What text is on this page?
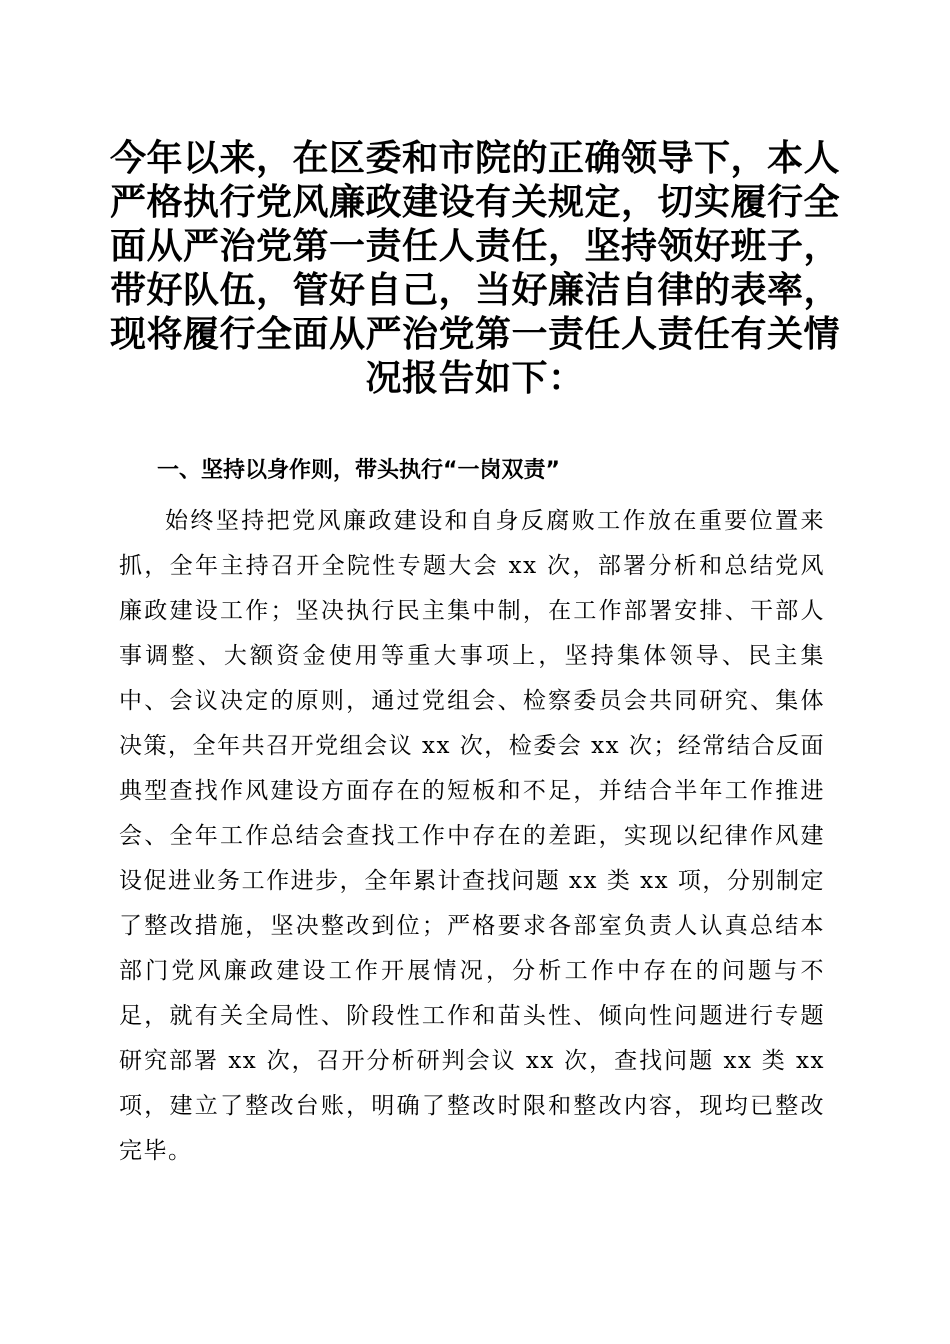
今年以来，在区委和市院的正确领导下，本人严格执行党风廉政建设有关规定，切实履行全面从严治党第一责任人责任，坚持领好班子，带好队伍，管好自己，当好廉洁自律的表率，现将履行全面从严治党第一责任人责任有关情况报告如下：
一、坚持以身作则，带头执行“一岗双责”

始终坚持把党风廉政建设和自身反腐败工作放在重要位置来抓，全年主持召开全院性专题大会 xx 次，部署分析和总结党风廉政建设工作；坚决执行民主集中制，在工作部署安排、干部人事调整、大额资金使用等重大事项上，坚持集体领导、民主集中、会议决定的原则，通过党组会、检察委员会共同研究、集体决策，全年共召开党组会议 xx 次，检委会 xx 次；经常结合反面典型查找作风建设方面存在的短板和不足，并结合半年工作推进会、全年工作总结会查找工作中存在的差距，实现以纪律作风建设促进业务工作进步，全年累计查找问题 xx 类 xx 项，分别制定了整改措施，坚决整改到位；严格要求各部室负责人认真总结本部门党风廉政建设工作开展情况，分析工作中存在的问题与不足，就有关全局性、阶段性工作和苗头性、倾向性问题进行专题研究部署 xx 次，召开分析研判会议 xx 次，查找问题 xx 类 xx 项，建立了整改台账，明确了整改时限和整改内容，现均已整改完毕。
